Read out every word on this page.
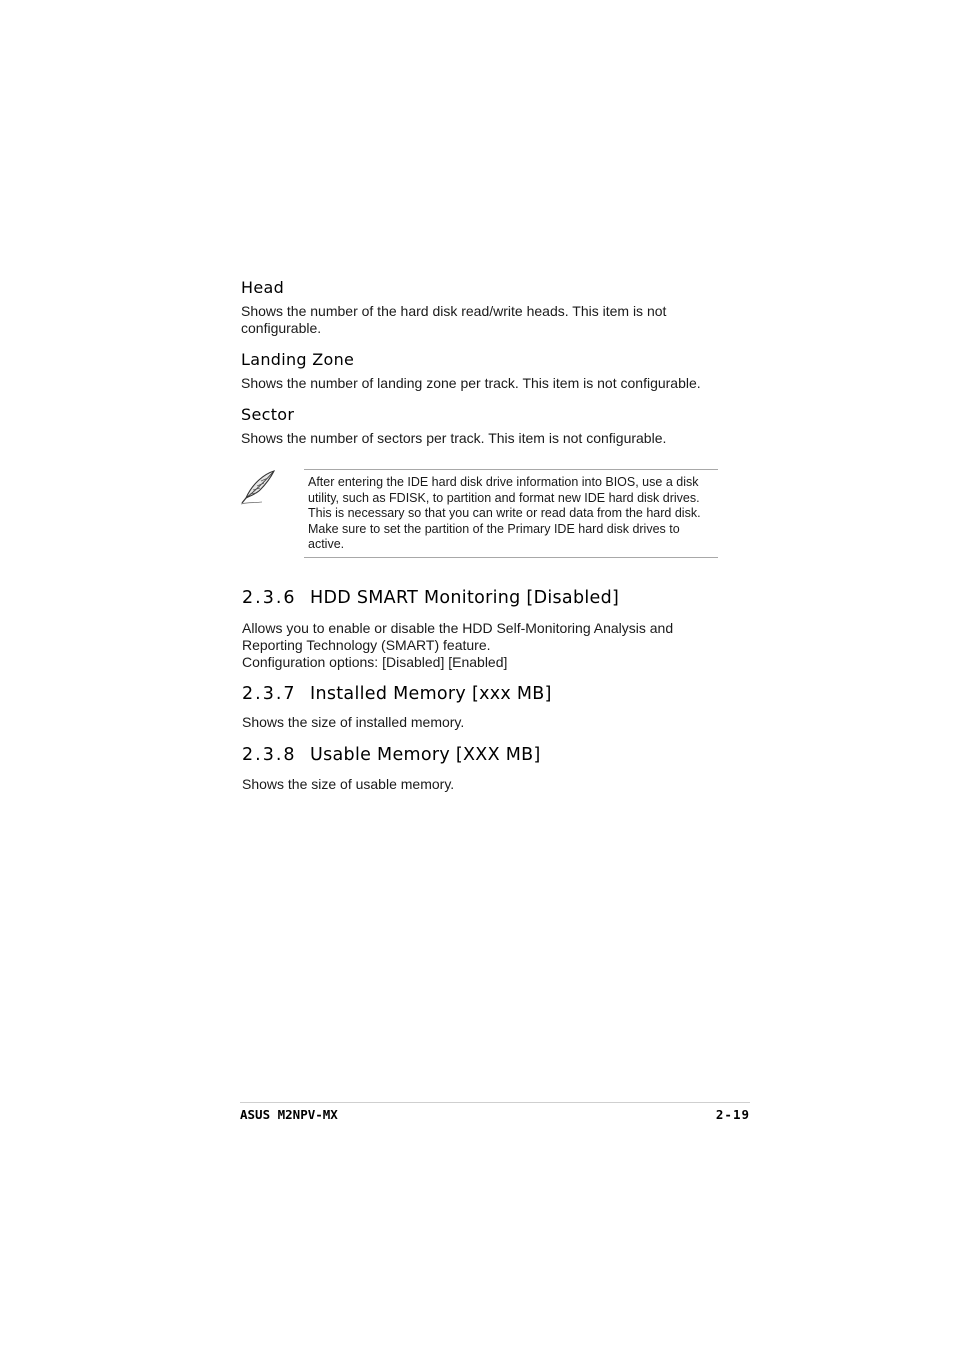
Head
Shows the number of the hard disk read/write heads. This item is not
configurable.
Landing Zone
Shows the number of landing zone per track. This item is not configurable.
Sector
Shows the number of sectors per track. This item is not configurable.
After entering the IDE hard disk drive information into BIOS, use a disk
utility, such as FDISK, to partition and format new IDE hard disk drives.
This is necessary so that you can write or read data from the hard disk.
Make sure to set the partition of the Primary IDE hard disk drives to
active.
2.3.6 HDD SMART Monitoring [Disabled]
Allows you to enable or disable the HDD Self-Monitoring Analysis and
Reporting Technology (SMART) feature.
Configuration options: [Disabled] [Enabled]
2.3.7 Installed Memory [xxx MB]
Shows the size of installed memory.
2.3.8 Usable Memory [XXX MB]
Shows the size of usable memory.
ASUS M2NPV-MX	2-19
